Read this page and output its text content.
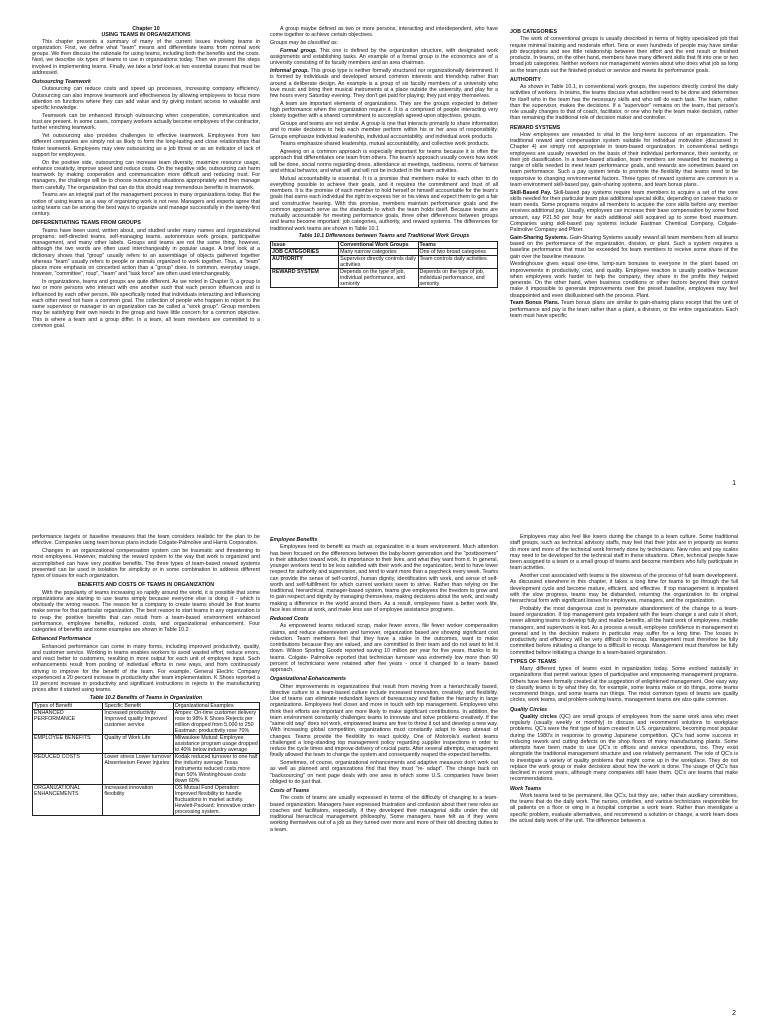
Chapter 10
USING TEAMS IN ORGANIZATIONS

This chapter presents a summary of many of the current issues involving teams in organization. First, we define what "team" means and differentiate teams from normal work groups. We then discuss the rationale for using teams, including both the benefits and the costs. Next, we describe six types of teams in use in organizations today. Then we present the steps involved in implementing teams. Finally, we take a brief look at two essential issues that must be addressed.

Outsourcing Teamwork

Outsourcing can reduce costs and speed up processes, increasing company efficiency. Outsourcing can also improve teamwork and effectiveness by allowing employees to focus more attention on functions where they can add value and by giving instant access to valuable and specific knowledge.

Teamwork can be enhanced through outsourcing when cooperation, communication and trust are present. In some cases, company workers actually become employees of the contractor, further enriching teamwork.

Yet outsourcing also provides challenges to effective teamwork. Employees from two different companies are simply not as likely to form the long-lasting and close relationships that foster teamwork. Employees may view outsourcing as a job threat or as an indicator of lack of support for employees.

On the positive side, outsourcing can increase team diversity, maximize resource usage, enhance creativity, improve speed and reduce costs. On the negative side, outsourcing can harm teamwork by making cooperation and communication more difficult and reducing trust. For managers, the challenge will be to choose outsourcing situations appropriately and then manage them carefully. The organization that can do this should reap tremendous benefits in teamwork.

Teams are an integral part of the management process in many organizations today. But the notion of using teams as a way of organizing work is not new. Managers and experts agree that using teams can be among the best ways to organize and manage successfully in the twenty-first century.

DIFFERENTIATING TEAMS FROM GROUPS

Teams have been used, written about, and studied under many names and organizational programs: self-directed teams, self-managing teams, autonomous work groups, participative management, and many other labels. Groups and teams are not the same thing, however, although the two words are often used interchangeably in popular usage. A brief look at a dictionary shows that "group" usually refers to an assemblage of objects gathered together whereas "team" usually refers to people or animals organized to work together. Thus, a "team" places more emphasis on concerted action than a "group" does. In common, everyday usage, however, "committee", roup", "team" and "task force" are often used interchangeably.

In organizations, teams and groups are quite different. As we noted in Chapter 9, a group is two or more persons who interact with one another such that each person influences and is influenced by each other person. We specifically noted that individuals interacting and influencing each other need not have a common goal. The collection of people who happen to report to the same supervisor or manager in an organization can be called a "work group". Group members may be satisfying their own needs in the group and have little concern for a common objective. This is where a team and a group differ. In a team, all team members are committed to a common goal.

A group maybe defined as two or more persons, interacting and interdependent, who have come together to achieve certain objectives.

Groups may be classified as:

Formal group. This one is defined by the organization structure, with designated work assignments and establishing tasks. An example of a formal group is the economics are of a university consisting of its faculty members and an area chairman.

Informal group. This group type is neither formally structured nor organizationally determined. It is formed by individuals and developed around common interests and friendship rather than around a deliberate design. An example is a group of six faculty members of a university who love music and bring their musical instruments at a place outside the university, and play for a few hours every Saturday evening. They don't get paid for playing; they just enjoy themselves.

A team are important elements of organizations. They are the groups expected to deliver high performance when the organization require it. It is a comprised of people interacting very closely together with a shared commitment to accomplish agreed-upon objectives, groups.

Groups and teams are not similar. A group is one that interacts primarily to share information and to make decisions to help each member perform within his or her area of responsibility. Groups emphasize individual leadership, individual accountability, and individual work products.

Teams emphasize shared leadership, mutual accountability, and collective work products.

Agreeing on a common approach is especially important for teams because it is often the approach that differentiates one team from others. The team's approach usually covers how work will be done, social norms regarding dress, attendance at meetings, tardiness, norms of fairness and ethical behavior, and what will and will not be included in the team activities.

Mutual accountability is essential. It is a promise that members make to each other to do everything possible to achieve their goals, and it requires the commitment and trust of all members. It is the promise of each member to hold herself or himself accountable for the team's goals that earns each individual the right to express her or his views and expect them to get a fair and constructive hearing. With this promise, members maintain performance goals and the common approach serve as the standards to which the team holds itself. Because teams are mutually accountable for meeting performance goals, three other differences between groups and teams become important: job categories, authority, and reward systems. The differences for traditional work teams are shown in Table 10.1

Table 10.1 Differences between Teams and Traditional Work Groups
Issue	Conventional Work Groups	Teams
JOB CATEGORIES	Many narrow categories	One of two broad categories
AUTHORITY	Supervisor directly controls daily activities	Team controls daily activities
REWARD SYSTEM	Depends on the type of job, individual performance, and seniority	Depends on the type of job, individual performance, and seniority
JOB CATEGORIES

The work of conventional groups is usually described in terms of highly specialized job that require minimal training and moderate effort. Tens or even hundreds of people may have similar job descriptions and see little relationship between their effort and the end result or finished products. In teams, on the other hand, members have many different skills that fit into one or two broad job categories. Neither workers nor management worries about who does what job as long as the team puts out the finished product or service and meets its performance goals.

AUTHORITY

As shown in Table 10.1, in conventional work groups, the superiors directly control the daily activities of workers. In teams, the teams discuss what activities need to be done and determines for itself who in the team has the necessary skills and who will do each task. The team, rather than the supervisor, makes the decisions. If a "supervisor" remains on the team, that person's role usually changes to that of coach, facilitator, or one who help the team make decision, rather than remaining the traditional role of decision maker and controller.

REWARD SYSTEMS

How employees are rewarded is vital to the long-term success of an organization. The traditional reward and compensation system suitable for individual motivation (discussed in Chapter 4) are simply not appropriate in team-based organization. In conventional settings employees are usually rewarded on the basis of their individual performance, their seniority, or their job classification. In a team-based situation, team members are rewarded for mastering a range of skills needed to meet team performance goals, and rewards are sometimes based on team performance. Such a pay system tends to promote the flexibility that teams need to be responsive to changing environmental factors. Three types of reward systems are common in a team environment skill-based pay, gain-sharing systems, and team bonus plans.

Skill-Based Pay. Skill-based pay systems require team members to acquire a set of the core skills needed for their particular team plus additional special skills, depending on career tracks or team needs. Some programs require all members to acquire the core skills before any member receives additional pay. Usually, employees can increase their base compensation by some fixed amount, say P21.50 per hour for each additional skill acquired up to some fixed maximum. Companies using skill-based pay systems include Eastman Chemical Company, Colgate-Palmolive Company and Pfizer.

Gain-Sharing Systems. Gain-Sharing Systems usually reward all team members from all teams based on the performance of the organization, division, or plant. Such a system requires a baseline performance that must be exceeded for team members to receive some share of the gain over the baseline measure.

Westinghouse gives equal one-time, lump-sum bonuses to everyone in the plant based on improvements in productivity, cost, and quality. Employee reaction is usually positive because when employees work harder to help the company, they share in the profits they helped generate. On the other hand, when business conditions or other factors beyond their control make it impossible to generate improvements over the preset baseline, employees may feel disappointed and even disillusioned with the process. Plant.

Team Bonus Plans. Team bonus plans are similar to gain-sharing plans except that the unit of performance and pay is the team rather than a plant, a division, or the entire organization. Each team must have specific

1

performance targets or baseline measures that the team considers realistic for the plan to be effective. Companies using team bonus plans include Colgate-Palmolive and Harris Corporation.

Changes in an organizational compensation system can be traumatic and threatening to most employees. However, matching the reward system to the way that work is organized and accomplished can have very positive benefits. The three types of team-based reward systems presented can be used in isolation for simplicity or in some combination to address different types of issues for each organization.

BENEFITS AND COSTS OF TEAMS IN ORGANIZATION

With the popularity of teams increasing so rapidly around the world, it is possible that some organizations are starting to use teams simply because everyone else is doing it - which is obviously the wrong reason. The reason for a company to create teams should be that teams make sense for that particular organization. The best reason to start teams in any organization is to reap the positive benefits that can result from a team-based environment enhanced performance, employee benefits, reduced costs, and organizational enhancement. Four categories of benefits and some examples are shown in Table 10.2

Enhanced Performance

Enhanced performance can come in many forms, including improved productivity, quality, and customer service. Working in teams enables workers to avoid wasted effort, reduce errors, and react better to customers, resulting in more output for each unit of employee input. Such enhancements result from pooling of individual efforts in new ways, and from continuously striving to improve for the benefit of the team. For example, General Electric Company experienced a 20 percent increase in productivity after team implementation. K Shoes reported a 19 percent increase in productivity and significant instructions in rejects in the manufacturing prices after it started using teams.

Table 10.2 Benefits of Teams in Organization
Types of Benefit	Specific Benefit	Organizational Examples
ENHANCED PERFORMANCE	Increased productivity Improved quality Improved customer service	Ampex: On-time customer delivery rose to 98% K Shoes Rejects per million dropped from 5,000 to 250 Eastman: productivity rose 70%
EMPLOYEE BENEFITS	Quality of Work Life	Milwaukee Mutual: Employee assistance program usage dropped to 40% below industry average
REDUCED COSTS	Lower stress Lower turnover Absenteeism Fewer injuries	Kodak reduced turnover to one half the industry average Texas instruments reduced costs more than 50% Westinghouse costs down 60%
ORGANIZATIONAL ENHANCEMENTS	Increased innovation flexibility	OS Mutual Fund Operation: Improved flexibility to handle fluctuations in market activity. Hewlett-Packard: Innovative order-processing system.
Employee Benefits

Employees tend to benefit as much as organization in a team environment. Much attention has been focused on the differences between the baby-boom generation and the "postboomers" in their attitudes toward work, its importance to their lives, and what they want from it. In general, younger workers tend to be less satisfied with their work and the organization, tend to have lower respect for authority and supervision, and tend to want more than a paycheck every week. Teams can provide the sense of self-control, human dignity, identification with work, and sense of self-worth and self-fulfillment for which current workers seem to strive. Rather than relying on the traditional, hierarchical, manager-based system, teams give employees the freedom to grow and to gain respect and dignity by managing themselves, making decisions about the work, and really making a difference in the world around them. As a result, employees have a better work life, face less stress at work, and make less use of employee assistance programs.

Reduced Costs

As empowered teams reduced scrap, make fewer errors, file fewer worker compensation claims, and reduce absenteeism and turnover, organization based are showing significant cost reduction. Team members feel that they have a stake in the outcomes, want to make contributions because they are valued, and are committed to their team and do not want to let it down. Wilson Sporting Goods reported saving 10 million per year for five years, thanks to its teams. Colgate- Palmolive reported that technician turnover was extremely low more than 90 percent of technicians were retained after five years - once it changed to a team- based approach.

Organizational Enhancements

Other improvements in organizations that result from moving from a hierarchically based, directive culture to a team-based culture include increased innovation, creativity, and flexibility. Use of teams can eliminate redundant layers of bureaucracy and flatten the hierarchy in large organizations. Employees feel closer and more in touch with top management. Employees who think their efforts are important are more likely to make significant contributions. In addition, the team environment constantly challenges teams to innovate and solve problems creatively. If the "same old way" does not work, empowered teams are free to throw it out and develop a new way. With increasing global competition, organizations must constantly adapt to keep abreast of changes. Teams provide the flexibility to react quickly. One of Motorola's earliest teams challenged a long-standing top management policy regarding supplier inspections in order to reduce the cycle times and improve delivery of crucial parts. After several attempts, management finally allowed the team to change the system and consequently reaped the expected benefits.

Sometimes, of course, organizational enhancements and adaptive measures don't work out as well as planned and organizations find that they must "re- adapt". The change back on "backsourcing" on next page deals with one area in which some U.S. companies have been obliged to do just that.

Costs of Teams

The costs of teams are usually expressed in terms of the difficulty of changing to a team-based organization. Managers have expressed frustration and confusion about their new roles as coaches and facilitators, especially, if they developed their managerial skills under the old traditional hierarchical management philosophy. Some managers have felt as if they were working themselves out of a job as they turned over more and more of their old directing duties to a team.

Employees may also feel like losers during the change to a team culture. Some traditional staff groups, such as technical advisory staffs, may feel that their jobs are in jeopardy as teams do more and more of the technical work formerly done by technicians. New roles and pay scales may need to be developed for the technical staff in these situations. Often, technical people have been assigned to a team or a small group of teams and become members who fully participate in team activities.

Another cost associated with teams is the slowness of the process of full team development. As discussed elsewhere in this chapter, it takes a long time for teams to go through the full development cycle and become mature, efficient, and effective. If top management is impatient with the slow progress, teams may be disbanded, returning the organization to its original hierarchical form with significant losses for employees, managers, and the organization.

Probably the most dangerous cost is premature abandonment of the change to a team-based organization. If top management gets impatient with the team change s and cuts it short, never allowing teams to develop fully and realize benefits, all the hard work of employees, middle managers, and supervisors is lost. As a process a result, employee confidence in management in general and in the decision makers in particular may suffer for a long time. The losses in productivity and efficiency will be very difficult to recoup. Management must therefore be fully committed before initiating a change to a difficult to recoup. Management must therefore be fully committed before initiating a change to a team-based organization.

TYPES OF TEAMS

Many different types of teams exist in organization today. Some evolved naturally in organizations that permit various types of participative and empowering management programs. Others have been formally created at the suggestion of enlightened management. One easy way to classify teams is by what they do, for example, some teams make or do things, some teams recommend things, and some teams run things. The most common types of teams are quality circles, work teams, and problem-solving teams, management teams are also quite common.

Quality Circles

Quality circles (QC) are small groups of employees from the same work area who meet regularly (usually weekly or monthly) to discuss and recommend solutions to workplace problems. QC's were the first type of team created in U.S. organizations, becoming most popular during the 1980's in response to growing Japanese competition. QC's had some success in reducing rework and cutting defects on the shop floors of many manufacturing plants. Some attempts have been made to use QC's in offices and service operations, too. They exist alongside the traditional management structure and use relatively permanent. The role of QC's is to investigate a variety of quality problems that might come up in the workplace. They do not replace the work group or make decisions about how the work is done. The usage of QC's has declined in recent years, although many companies still have them. QC's are teams that make recommendations.

Work Teams

Work teams tend to be permanent, like QC's, but they are, rather than auxiliary committees, the teams that do the daily work. The nurses, orderlies, and various technicians responsible for all patients on a floor or wing in a hospital comprise a work team. Rather than investigate a specific problem, evaluate alternatives, and recommend a solution or change, a work team does the actual daily work of the unit. The difference between a

2
